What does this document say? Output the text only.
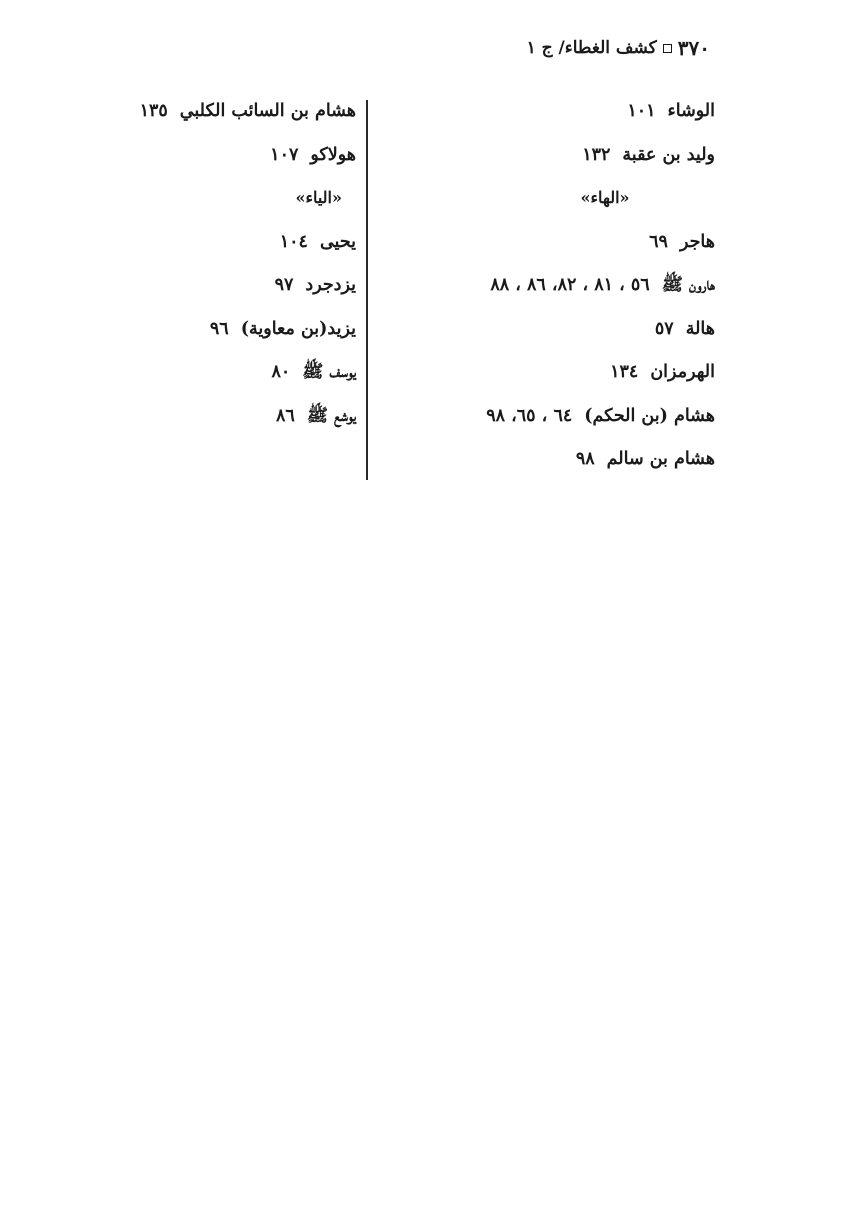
٣٧٠
كشف الغطاء/ ج ١
الوشاء١٠١
وليد بن عقبة١٣٢
«الهاء»
هاجر٦٩
هارون ﷺ٥٦ ، ٨١ ، ٨٢، ٨٦ ، ٨٨
هالة٥٧
الهرمزان١٣٤
هشام (بن الحكم)٦٤ ، ٦٥، ٩٨
هشام بن سالم٩٨
هشام بن السائب الكلبي١٣٥
هولاكو١٠٧
«الياء»
يحيى١٠٤
يزدجرد٩٧
يزيد(بن معاوية)٩٦
يوسف ﷺ٨٠
يوشع ﷺ٨٦
